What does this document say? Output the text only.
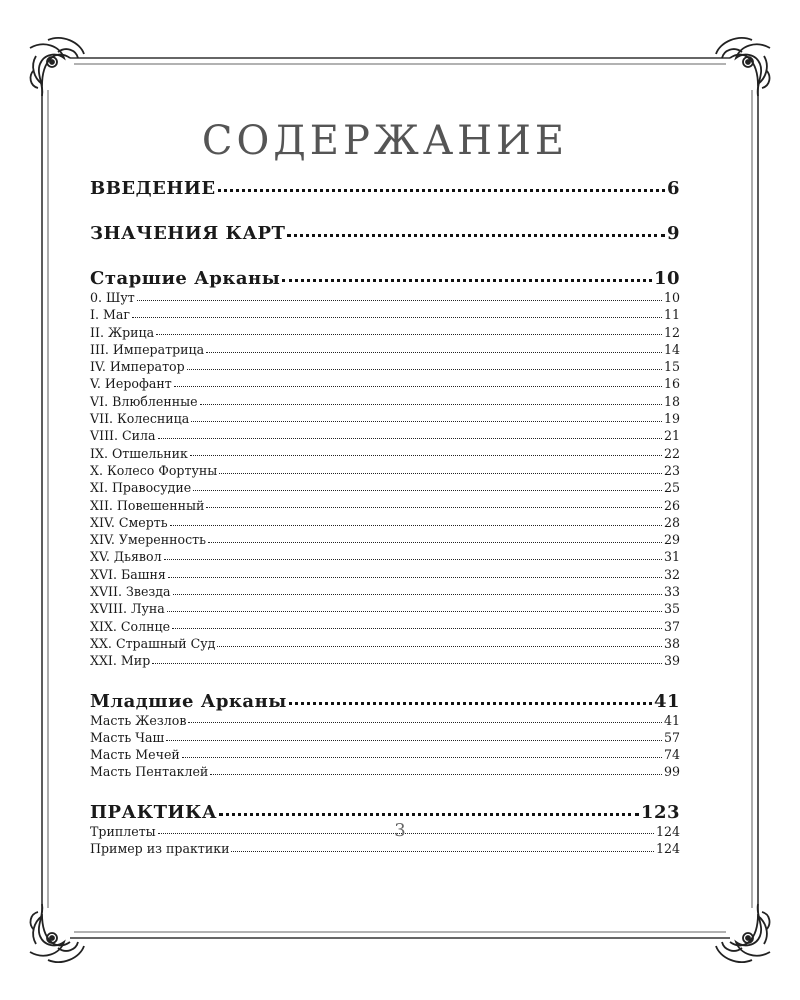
СОДЕРЖАНИЕ
ВВЕДЕНИЕ	6
ЗНАЧЕНИЯ КАРТ	9
Старшие Арканы	10
0. Шут	10
I. Маг	11
II. Жрица	12
III. Императрица	14
IV. Император	15
V. Иерофант	16
VI. Влюбленные	18
VII. Колесница	19
VIII. Сила	21
IX. Отшельник	22
X. Колесо Фортуны	23
XI. Правосудие	25
XII. Повешенный	26
XIV. Смерть	28
XIV. Умеренность	29
XV. Дьявол	31
XVI. Башня	32
XVII. Звезда	33
XVIII. Луна	35
XIX. Солнце	37
XX. Страшный Суд	38
XXI. Мир	39
Младшие Арканы	41
Масть Жезлов	41
Масть Чаш	57
Масть Мечей	74
Масть Пентаклей	99
ПРАКТИКА	123
Триплеты	124
Пример из практики	124
3
